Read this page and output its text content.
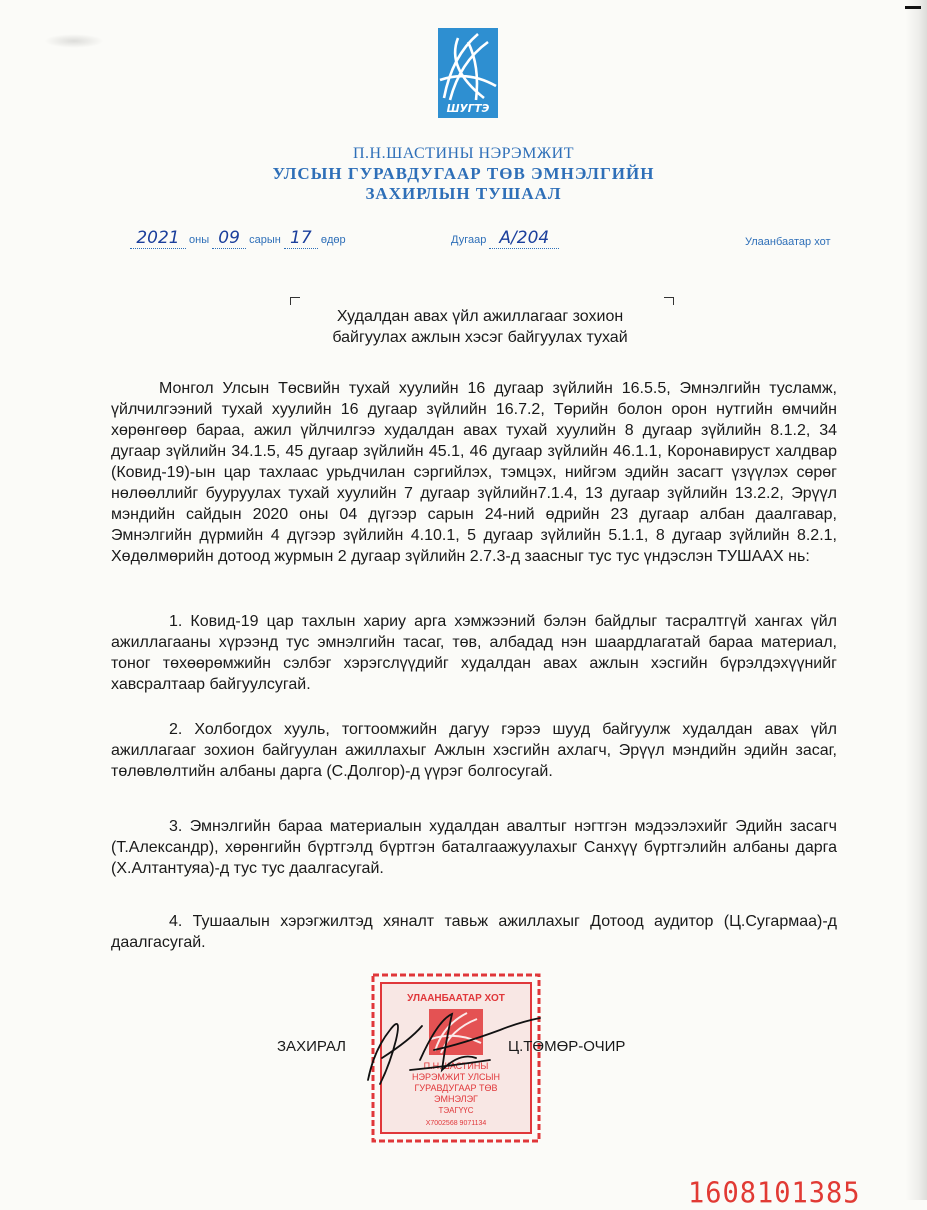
ШУГТЭ
П.Н.ШАСТИНЫ НЭРЭМЖИТ
УЛСЫН ГУРАВДУГААР ТӨВ ЭМНЭЛГИЙН
ЗАХИРЛЫН ТУШААЛ
2021 оны 09 сарын 17 өдөр	Дугаар А/204	Улаанбаатар хот
Худалдан авах үйл ажиллагааг зохион
байгуулах ажлын хэсэг байгуулах тухай
Монгол Улсын Төсвийн тухай хуулийн 16 дугаар зүйлийн 16.5.5, Эмнэлгийн тусламж, үйлчилгээний тухай хуулийн 16 дугаар зүйлийн 16.7.2, Төрийн болон орон нутгийн өмчийн хөрөнгөөр бараа, ажил үйлчилгээ худалдан авах тухай хуулийн 8 дугаар зүйлийн 8.1.2, 34 дугаар зүйлийн 34.1.5, 45 дугаар зүйлийн 45.1, 46 дугаар зүйлийн 46.1.1, Коронавируст халдвар (Ковид-19)-ын цар тахлаас урьдчилан сэргийлэх, тэмцэх, нийгэм эдийн засагт үзүүлэх сөрөг нөлөөллийг бууруулах тухай хуулийн 7 дугаар зүйлийн7.1.4, 13 дугаар зүйлийн 13.2.2, Эрүүл мэндийн сайдын 2020 оны 04 дүгээр сарын 24-ний өдрийн 23 дугаар албан даалгавар, Эмнэлгийн дүрмийн 4 дүгээр зүйлийн 4.10.1, 5 дугаар зүйлийн 5.1.1, 8 дугаар зүйлийн 8.2.1, Хөдөлмөрийн дотоод журмын 2 дугаар зүйлийн 2.7.3-д заасныг тус тус үндэслэн ТУШААХ нь:
1. Ковид-19 цар тахлын хариу арга хэмжээний бэлэн байдлыг тасралтгүй хангах үйл ажиллагааны хүрээнд тус эмнэлгийн тасаг, төв, албадад нэн шаардлагатай бараа материал, тоног төхөөрөмжийн сэлбэг хэрэгслүүдийг худалдан авах ажлын хэсгийн бүрэлдэхүүнийг хавсралтаар байгуулсугай.
2. Холбогдох хууль, тогтоомжийн дагуу гэрээ шууд байгуулж худалдан авах үйл ажиллагааг зохион байгуулан ажиллахыг Ажлын хэсгийн ахлагч, Эрүүл мэндийн эдийн засаг, төлөвлөлтийн албаны дарга (С.Долгор)-д үүрэг болгосугай.
3. Эмнэлгийн бараа материалын худалдан авалтыг нэгтгэн мэдээлэхийг Эдийн засагч (Т.Александр), хөрөнгийн бүртгэлд бүртгэн баталгаажуулахыг Санхүү бүртгэлийн албаны дарга (Х.Алтантуяа)-д тус тус даалгасугай.
4. Тушаалын хэрэгжилтэд хяналт тавьж ажиллахыг Дотоод аудитор (Ц.Сугармаа)-д даалгасугай.
УЛААНБААТАР ХОТ
П.Н.ШАСТИНЫ
НЭРЭМЖИТ УЛСЫН
ГУРАВДУГААР ТӨВ
ЭМНЭЛЭГ
ТЭАГҮҮС
Х7002568 9071134
ЗАХИРАЛ	Ц.ТӨМӨР-ОЧИР
1608101385
